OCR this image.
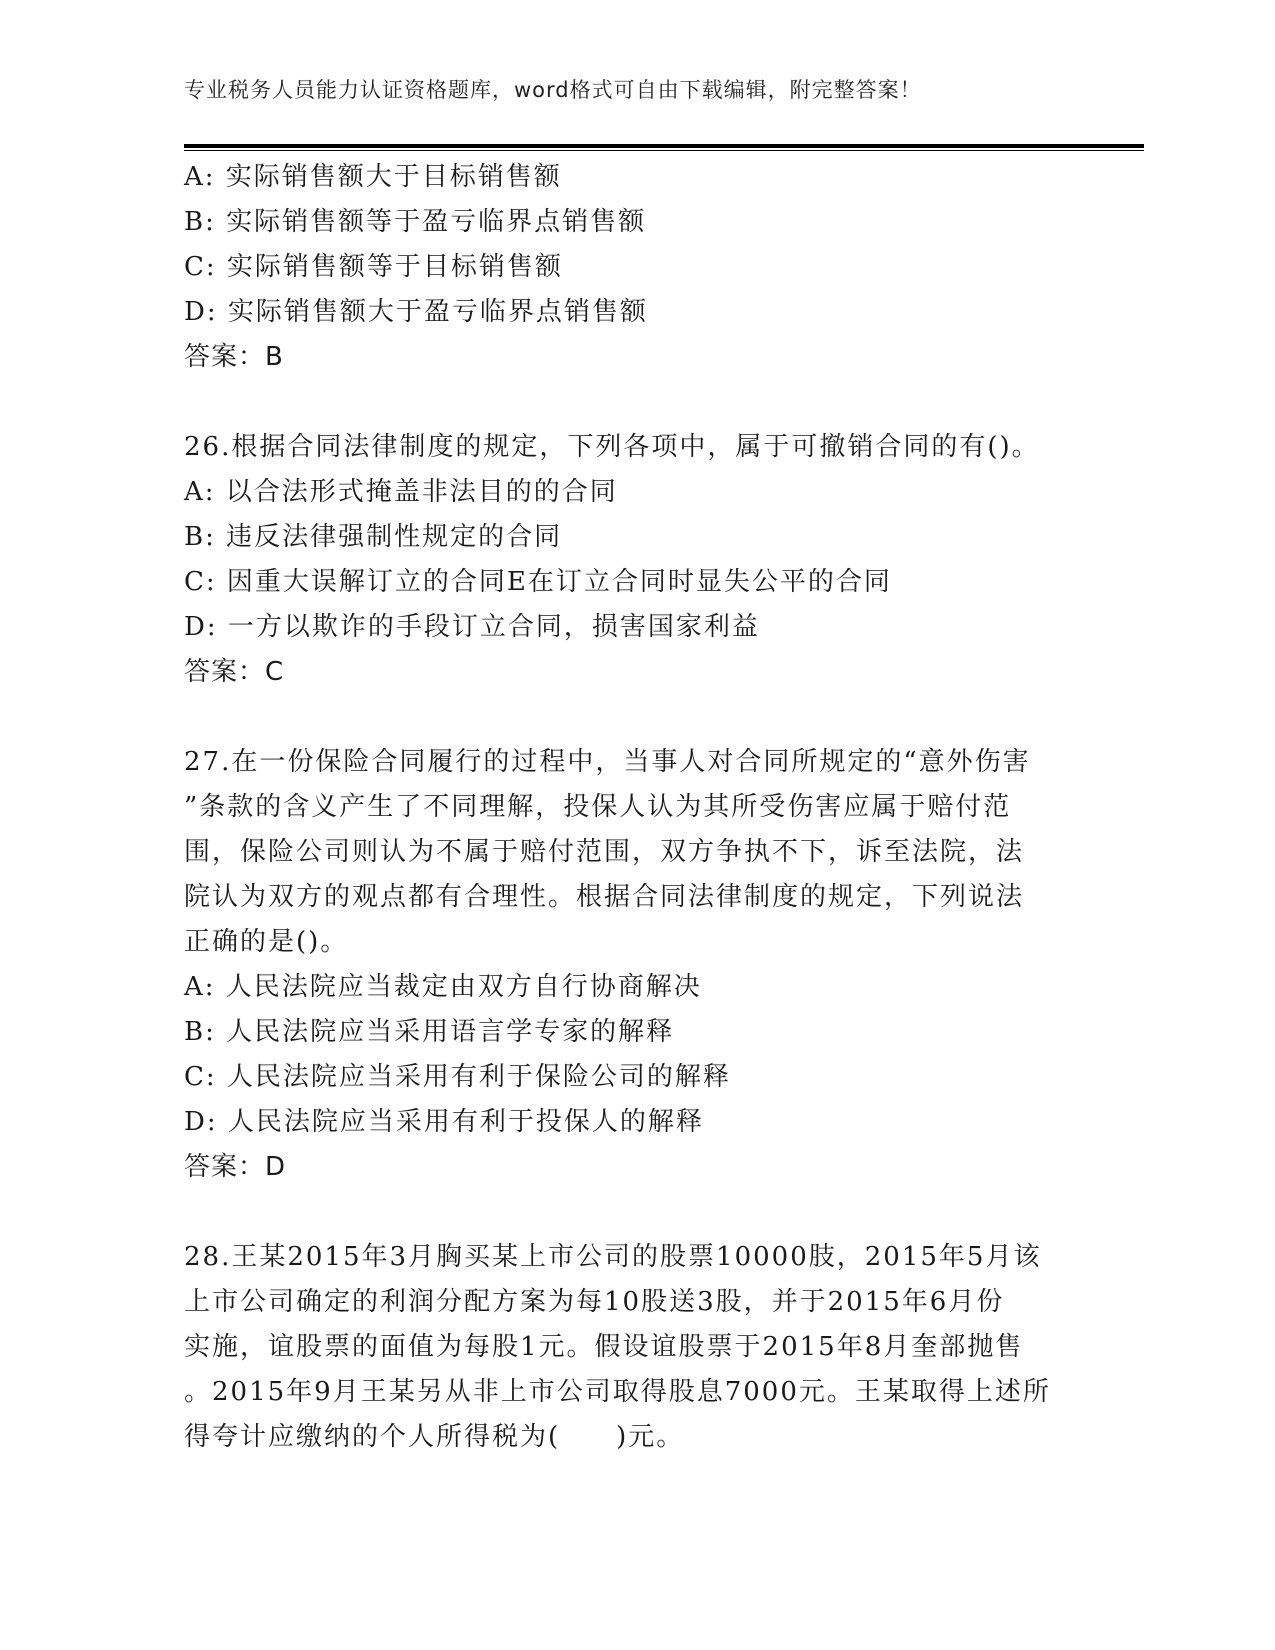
专业税务人员能力认证资格题库，word格式可自由下载编辑，附完整答案！
A: 实际销售额大于目标销售额
B: 实际销售额等于盈亏临界点销售额
C: 实际销售额等于目标销售额
D: 实际销售额大于盈亏临界点销售额
答案：B
26.根据合同法律制度的规定，下列各项中，属于可撤销合同的有()。
A: 以合法形式掩盖非法目的的合同
B: 违反法律强制性规定的合同
C: 因重大误解订立的合同E在订立合同时显失公平的合同
D: 一方以欺诈的手段订立合同，损害国家利益
答案：C
27.在一份保险合同履行的过程中，当事人对合同所规定的“意外伤害
”条款的含义产生了不同理解，投保人认为其所受伤害应属于赔付范
围，保险公司则认为不属于赔付范围，双方争执不下，诉至法院，法
院认为双方的观点都有合理性。根据合同法律制度的规定，下列说法
正确的是()。
A: 人民法院应当裁定由双方自行协商解决
B: 人民法院应当采用语言学专家的解释
C: 人民法院应当采用有利于保险公司的解释
D: 人民法院应当采用有利于投保人的解释
答案：D
28.王某2015年3月胸买某上市公司的股票10000肢，2015年5月该
上市公司确定的利润分配方案为每10股送3股，并于2015年6月份
实施，谊股票的面值为每股1元。假设谊股票于2015年8月奎部抛售
。2015年9月王某另从非上市公司取得股息7000元。王某取得上述所
得夸计应缴纳的个人所得税为(　　)元。
